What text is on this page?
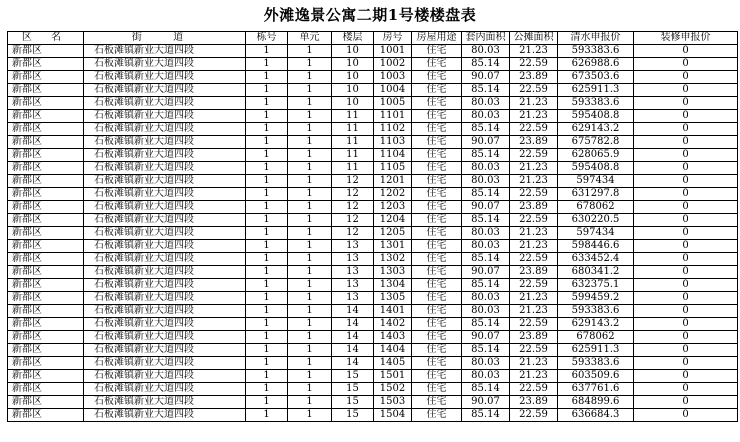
外滩逸景公寓二期1号楼楼盘表
区 名	街 道	栋号	单元	楼层	房号	房屋用途	套内面积	公摊面积	清水申报价	装修申报价
新都区	石板滩镇新业大道四段	1	1	10	1001	住宅	80.03	21.23	593383.6	0
新都区	石板滩镇新业大道四段	1	1	10	1002	住宅	85.14	22.59	626988.6	0
新都区	石板滩镇新业大道四段	1	1	10	1003	住宅	90.07	23.89	673503.6	0
新都区	石板滩镇新业大道四段	1	1	10	1004	住宅	85.14	22.59	625911.3	0
新都区	石板滩镇新业大道四段	1	1	10	1005	住宅	80.03	21.23	593383.6	0
新都区	石板滩镇新业大道四段	1	1	11	1101	住宅	80.03	21.23	595408.8	0
新都区	石板滩镇新业大道四段	1	1	11	1102	住宅	85.14	22.59	629143.2	0
新都区	石板滩镇新业大道四段	1	1	11	1103	住宅	90.07	23.89	675782.8	0
新都区	石板滩镇新业大道四段	1	1	11	1104	住宅	85.14	22.59	628065.9	0
新都区	石板滩镇新业大道四段	1	1	11	1105	住宅	80.03	21.23	595408.8	0
新都区	石板滩镇新业大道四段	1	1	12	1201	住宅	80.03	21.23	597434	0
新都区	石板滩镇新业大道四段	1	1	12	1202	住宅	85.14	22.59	631297.8	0
新都区	石板滩镇新业大道四段	1	1	12	1203	住宅	90.07	23.89	678062	0
新都区	石板滩镇新业大道四段	1	1	12	1204	住宅	85.14	22.59	630220.5	0
新都区	石板滩镇新业大道四段	1	1	12	1205	住宅	80.03	21.23	597434	0
新都区	石板滩镇新业大道四段	1	1	13	1301	住宅	80.03	21.23	598446.6	0
新都区	石板滩镇新业大道四段	1	1	13	1302	住宅	85.14	22.59	633452.4	0
新都区	石板滩镇新业大道四段	1	1	13	1303	住宅	90.07	23.89	680341.2	0
新都区	石板滩镇新业大道四段	1	1	13	1304	住宅	85.14	22.59	632375.1	0
新都区	石板滩镇新业大道四段	1	1	13	1305	住宅	80.03	21.23	599459.2	0
新都区	石板滩镇新业大道四段	1	1	14	1401	住宅	80.03	21.23	593383.6	0
新都区	石板滩镇新业大道四段	1	1	14	1402	住宅	85.14	22.59	629143.2	0
新都区	石板滩镇新业大道四段	1	1	14	1403	住宅	90.07	23.89	678062	0
新都区	石板滩镇新业大道四段	1	1	14	1404	住宅	85.14	22.59	625911.3	0
新都区	石板滩镇新业大道四段	1	1	14	1405	住宅	80.03	21.23	593383.6	0
新都区	石板滩镇新业大道四段	1	1	15	1501	住宅	80.03	21.23	603509.6	0
新都区	石板滩镇新业大道四段	1	1	15	1502	住宅	85.14	22.59	637761.6	0
新都区	石板滩镇新业大道四段	1	1	15	1503	住宅	90.07	23.89	684899.6	0
新都区	石板滩镇新业大道四段	1	1	15	1504	住宅	85.14	22.59	636684.3	0
